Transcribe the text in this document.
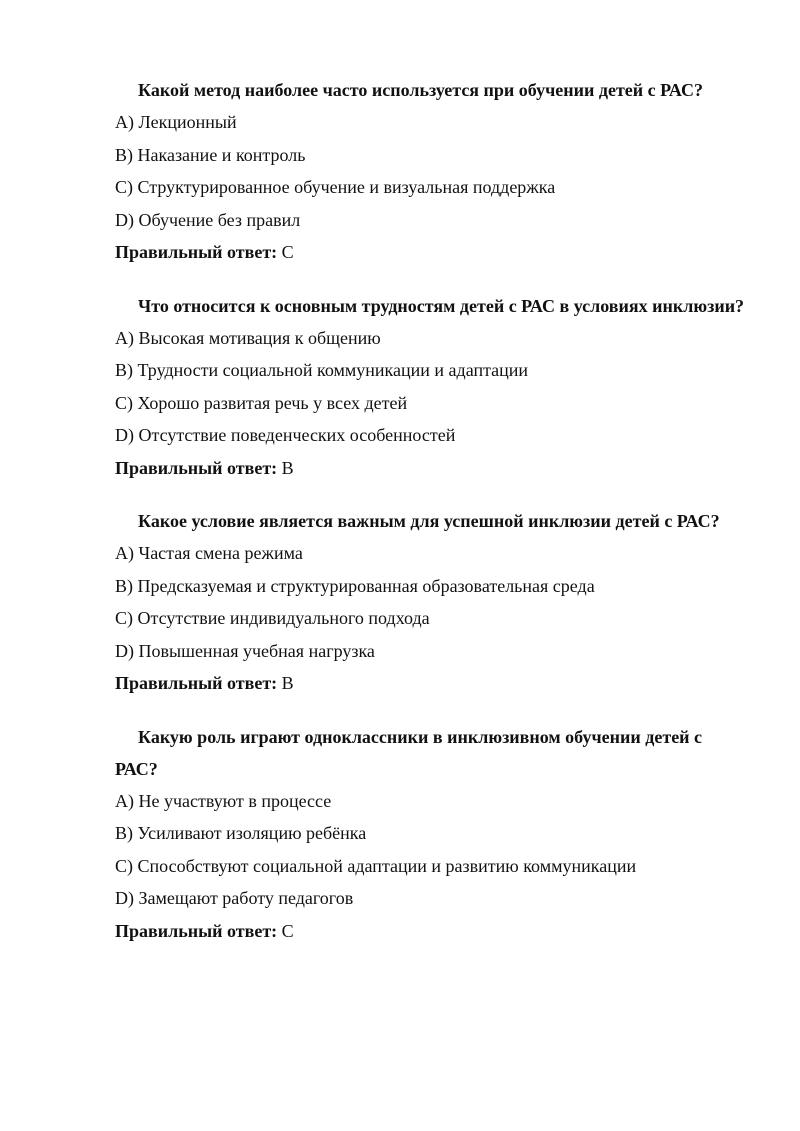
Какой метод наиболее часто используется при обучении детей с РАС?

A) Лекционный

B) Наказание и контроль

C) Структурированное обучение и визуальная поддержка

D) Обучение без правил

Правильный ответ: C

Что относится к основным трудностям детей с РАС в условиях инклюзии?

A) Высокая мотивация к общению

B) Трудности социальной коммуникации и адаптации

C) Хорошо развитая речь у всех детей

D) Отсутствие поведенческих особенностей

Правильный ответ: B

Какое условие является важным для успешной инклюзии детей с РАС?

A) Частая смена режима

B) Предсказуемая и структурированная образовательная среда

C) Отсутствие индивидуального подхода

D) Повышенная учебная нагрузка

Правильный ответ: B

Какую роль играют одноклассники в инклюзивном обучении детей с РАС?

A) Не участвуют в процессе

B) Усиливают изоляцию ребёнка

C) Способствуют социальной адаптации и развитию коммуникации

D) Замещают работу педагогов

Правильный ответ: C
